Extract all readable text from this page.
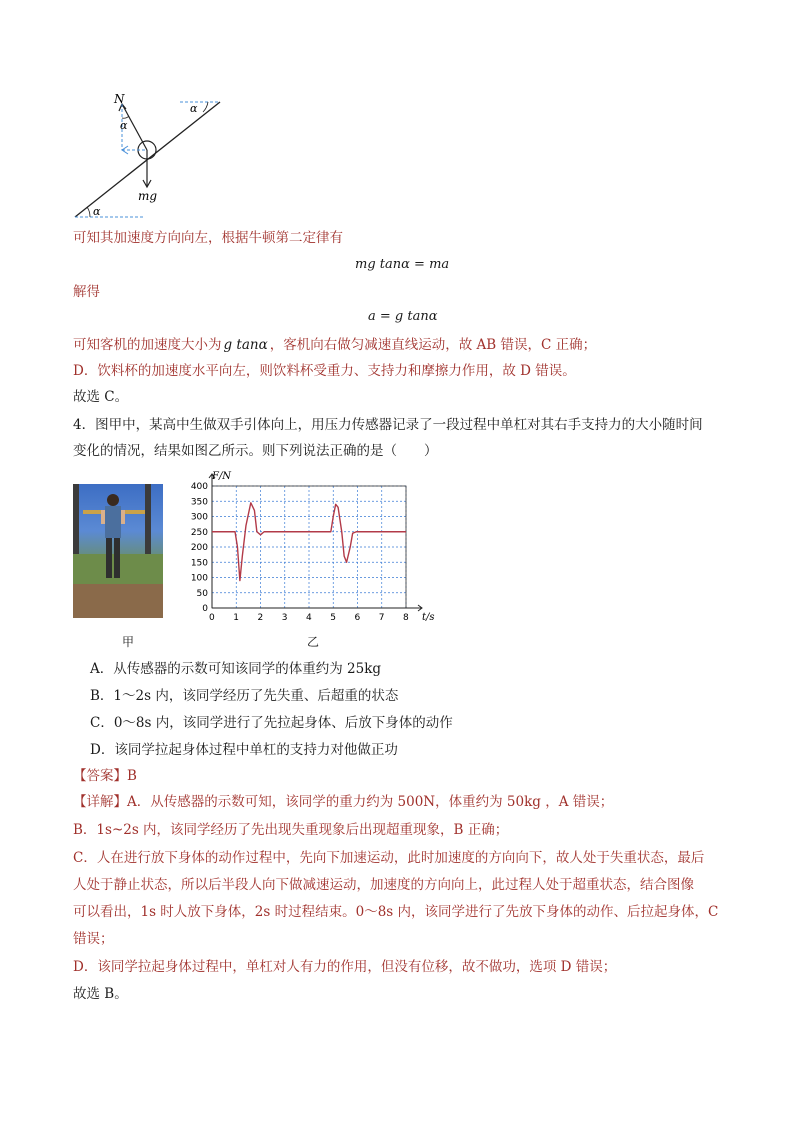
N
α
α
α
mg
可知其加速度方向向左，根据牛顿第二定律有
mg tanα = ma
解得
a = g tanα
可知客机的加速度大小为 g tanα ，客机向右做匀减速直线运动，故 AB 错误，C 正确；
D．饮料杯的加速度水平向左，则饮料杯受重力、支持力和摩擦力作用，故 D 错误。
故选 C。
4．图甲中，某高中生做双手引体向上，用压力传感器记录了一段过程中单杠对其右手支持力的大小随时间
变化的情况，结果如图乙所示。则下列说法正确的是（　　）
0 1 2 3 4 5 6 7 8
0
50
100
150
200
250
300
350
400
F/N
t/s
甲	乙
A．从传感器的示数可知该同学的体重约为 25kg
B．1～2s 内，该同学经历了先失重、后超重的状态
C．0～8s 内，该同学进行了先拉起身体、后放下身体的动作
D．该同学拉起身体过程中单杠的支持力对他做正功
【答案】B
【详解】A．从传感器的示数可知，该同学的重力约为 500N，体重约为 50kg ，A 错误；
B．1s~2s 内，该同学经历了先出现失重现象后出现超重现象，B 正确；
C．人在进行放下身体的动作过程中，先向下加速运动，此时加速度的方向向下，故人处于失重状态，最后
人处于静止状态，所以后半段人向下做减速运动，加速度的方向向上，此过程人处于超重状态，结合图像
可以看出，1s 时人放下身体，2s 时过程结束。0～8s 内，该同学进行了先放下身体的动作、后拉起身体，C
错误；
D．该同学拉起身体过程中，单杠对人有力的作用，但没有位移，故不做功，选项 D 错误；
故选 B。
